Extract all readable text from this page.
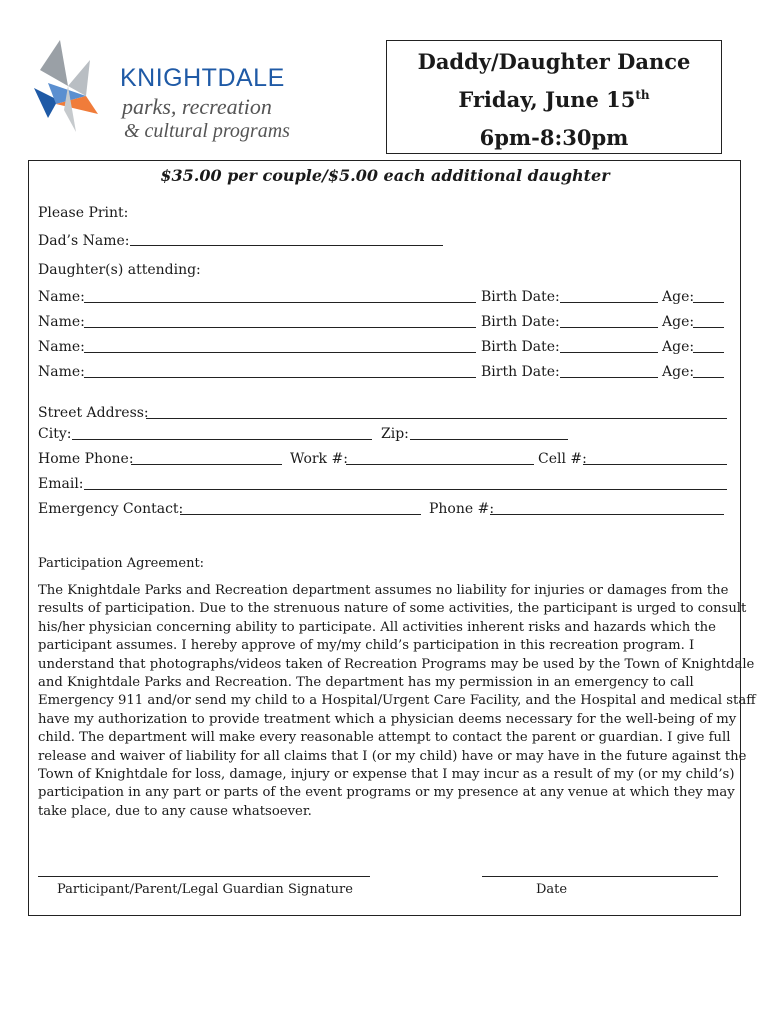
KNIGHTDALE
parks, recreation
& cultural programs
Daddy/Daughter Dance
Friday, June 15th
6pm-8:30pm
$35.00 per couple/$5.00 each additional daughter
Please Print:
Dad’s Name:
Daughter(s) attending:
Name:	Birth Date:	Age:
Name:	Birth Date:	Age:
Name:	Birth Date:	Age:
Name:	Birth Date:	Age:
Street Address:
City:	Zip:
Home Phone:	Work #:	Cell #:
Email:
Emergency Contact:	Phone #:
Participation Agreement:

The Knightdale Parks and Recreation department assumes no liability for injuries or damages from the

results of participation. Due to the strenuous nature of some activities, the participant is urged to consult

his/her physician concerning ability to participate. All activities inherent risks and hazards which the

participant assumes. I hereby approve of my/my child’s participation in this recreation program. I

understand that photographs/videos taken of Recreation Programs may be used by the Town of Knightdale

and Knightdale Parks and Recreation. The department has my permission in an emergency to call

Emergency 911 and/or send my child to a Hospital/Urgent Care Facility, and the Hospital and medical staff

have my authorization to provide treatment which a physician deems necessary for the well-being of my

child. The department will make every reasonable attempt to contact the parent or guardian. I give full

release and waiver of liability for all claims that I (or my child) have or may have in the future against the

Town of Knightdale for loss, damage, injury or expense that I may incur as a result of my (or my child’s)

participation in any part or parts of the event programs or my presence at any venue at which they may

take place, due to any cause whatsoever.

Participant/Parent/Legal Guardian Signature	Date
